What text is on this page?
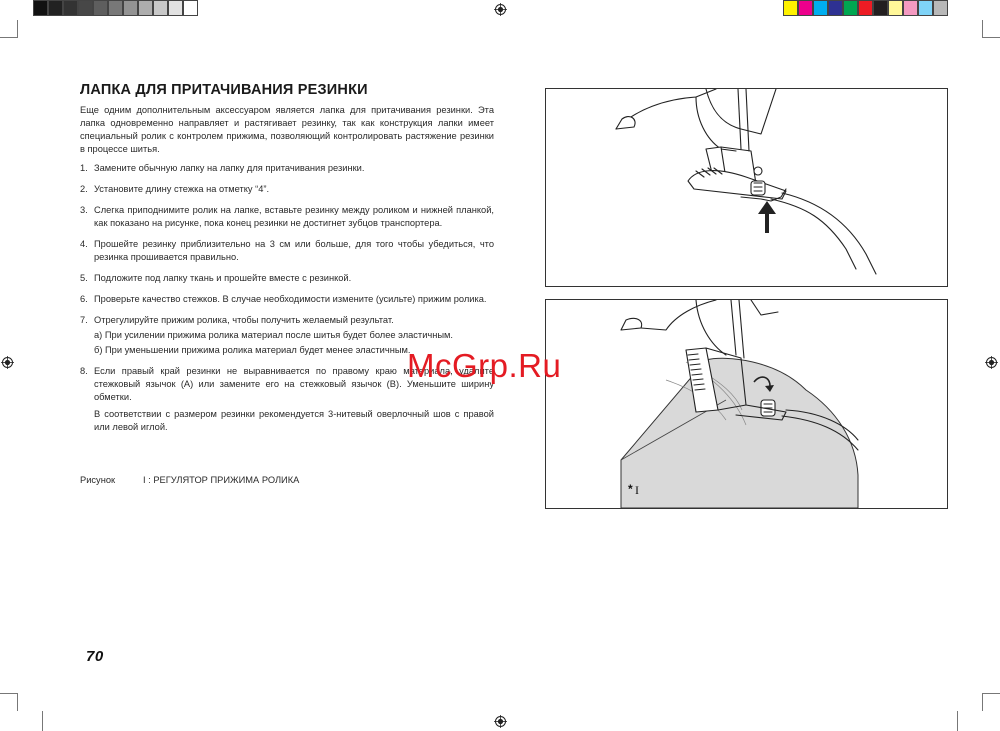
ЛАПКА ДЛЯ ПРИТАЧИВАНИЯ РЕЗИНКИ

Еще одним дополнительным аксессуаром является лапка для притачивания резинки. Эта лапка одновременно направляет и растягивает резинку, так как конструкция лапки имеет специальный ролик с контролем прижима, позволяющий контролировать растяжение резинки в процессе шитья.

1. Замените обычную лапку на лапку для притачивания резинки.
2. Установите длину стежка на отметку “4”.
3. Слегка приподнимите ролик на лапке, вставьте резинку между роликом и нижней планкой, как показано на рисунке, пока конец резинки не достигнет зубцов транспортера.
4. Прошейте резинку приблизительно на 3 см или больше, для того чтобы убедиться, что резинка прошивается правильно.
5. Подложите под лапку ткань и прошейте вместе с резинкой.
6. Проверьте качество стежков. В случае необходимости измените (усильте) прижим ролика.
7. Отрегулируйте прижим ролика, чтобы получить желаемый результат.
а) При усилении прижима ролика материал после шитья будет более эластичным.
б) При уменьшении прижима ролика материал будет менее эластичным.
8. Если правый край резинки не выравнивается по правому краю материала, удалите стежковый язычок (A) или замените его на стежковый язычок (B). Уменьшите ширину обметки.
В соответствии с размером резинки рекомендуется 3-нитевый оверлочный шов с правой или левой иглой.
Рисунок	I : РЕГУЛЯТОР ПРИЖИМА РОЛИКА
* I
70
McGrp.Ru
